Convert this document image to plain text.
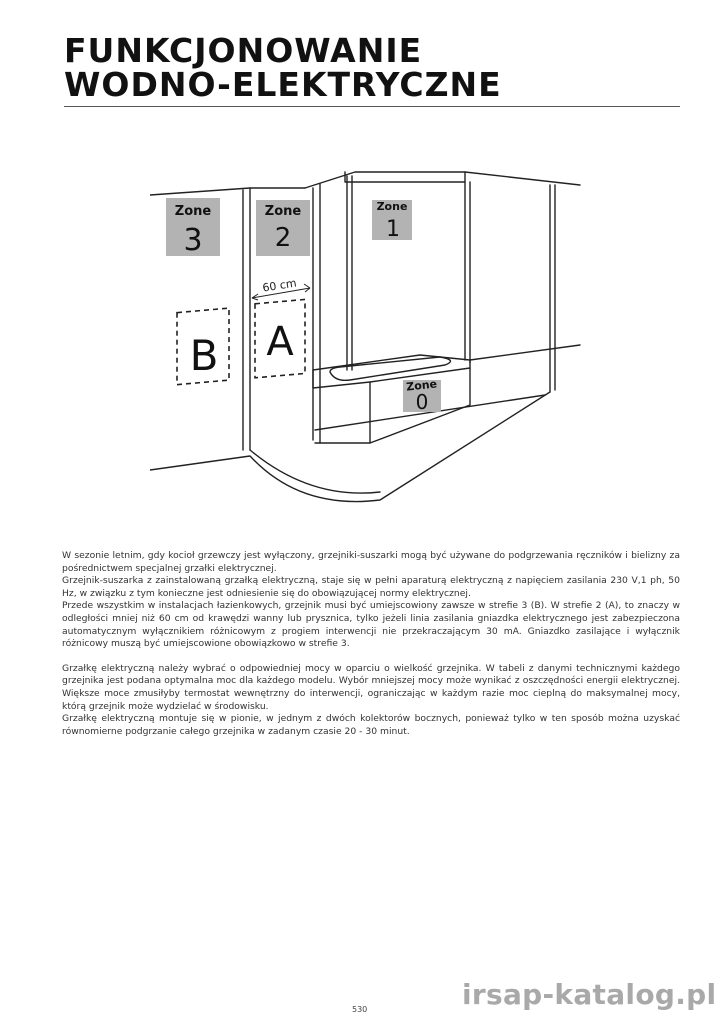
FUNKCJONOWANIE
WODNO-ELEKTRYCZNE
Zone
3
Zone
2
Zone
1
Zone
0
B A
60 cm

W sezonie letnim, gdy kocioł grzewczy jest wyłączony, grzejniki-suszarki mogą być używane do podgrzewania ręczników i bielizny za pośrednictwem specjalnej grzałki elektrycznej.

Grzejnik-suszarka z zainstalowaną grzałką elektryczną, staje się w pełni aparaturą elektryczną z napięciem zasilania 230 V,1 ph, 50 Hz, w związku z tym konieczne jest odniesienie się do obowiązującej normy elektrycznej.

Przede wszystkim w instalacjach łazienkowych, grzejnik musi być umiejscowiony zawsze w strefie 3 (B). W strefie 2 (A), to znaczy w odległości mniej niż 60 cm od krawędzi wanny lub prysznica, tylko jeżeli linia zasilania gniazdka elektrycznego jest zabezpieczona automatycznym wyłącznikiem różnicowym z progiem interwencji nie przekraczającym 30 mA. Gniazdko zasilające i wyłącznik różnicowy muszą być umiejscowione obowiązkowo w strefie 3.

Grzałkę elektryczną należy wybrać o odpowiedniej mocy w oparciu o wielkość grzejnika. W tabeli z danymi technicznymi każdego grzejnika jest podana optymalna moc dla każdego modelu. Wybór mniejszej mocy może wynikać z oszczędności energii elektrycznej. Większe moce zmusiłyby termostat wewnętrzny do interwencji, ograniczając w każdym razie moc cieplną do maksymalnej mocy, którą grzejnik może wydzielać w środowisku.

Grzałkę elektryczną montuje się w pionie, w jednym z dwóch kolektorów bocznych, ponieważ tylko w ten sposób można uzyskać równomierne podgrzanie całego grzejnika w zadanym czasie 20 - 30 minut.

530	irsap-katalog.pl
